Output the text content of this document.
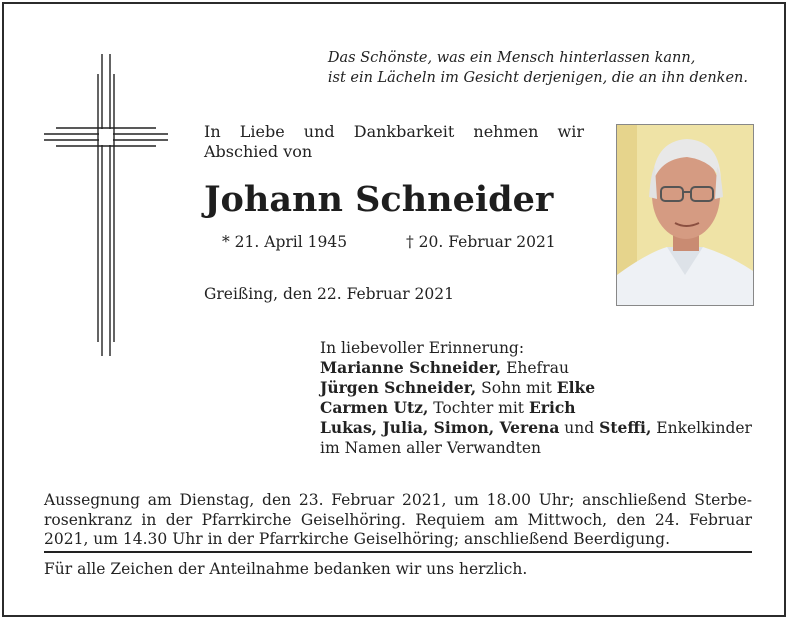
Das Schönste, was ein Mensch hinterlassen kann,
ist ein Lächeln im Gesicht derjenigen, die an ihn denken.
In Liebe und Dankbarkeit nehmen wir
Abschied von
Johann Schneider
* 21. April 1945	† 20. Februar 2021
Greißing, den 22. Februar 2021
In liebevoller Erinnerung:
Marianne Schneider, Ehefrau
Jürgen Schneider, Sohn mit Elke
Carmen Utz, Tochter mit Erich
Lukas, Julia, Simon, Verena und Steffi, Enkelkinder
im Namen aller Verwandten
Aussegnung am Dienstag, den 23. Februar 2021, um 18.00 Uhr; anschließend Sterbe-
rosenkranz in der Pfarrkirche Geiselhöring. Requiem am Mittwoch, den 24. Februar
2021, um 14.30 Uhr in der Pfarrkirche Geiselhöring; anschließend Beerdigung.
Für alle Zeichen der Anteilnahme bedanken wir uns herzlich.
